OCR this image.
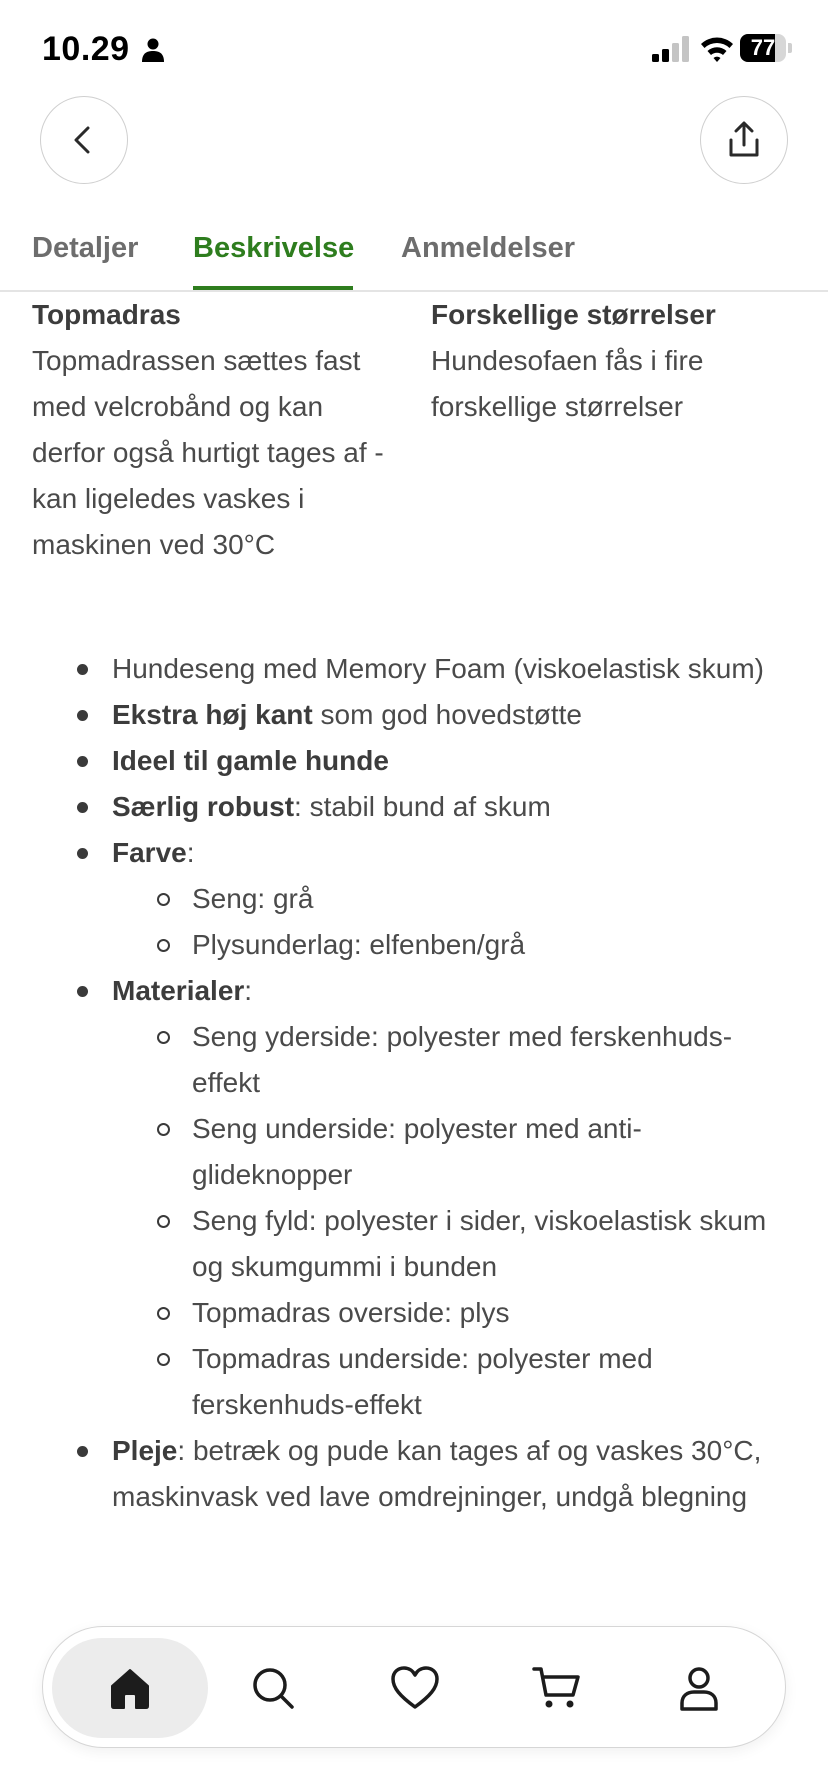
10.29	77
Detaljer Beskrivelse Anmeldelser
Topmadras
Topmadrassen sættes fast med velcrobånd og kan derfor også hurtigt tages af - kan ligeledes vaskes i maskinen ved 30°C
Forskellige størrelser
Hundesofaen fås i fire forskellige størrelser
Hundeseng med Memory Foam (viskoelastisk skum)
Ekstra høj kant som god hovedstøtte
Ideel til gamle hunde
Særlig robust: stabil bund af skum
Farve:
Seng: grå
Plysunderlag: elfenben/grå
Materialer:
Seng yderside: polyester med ferskenhuds-effekt
Seng underside: polyester med anti-glideknopper
Seng fyld: polyester i sider, viskoelastisk skum og skumgummi i bunden
Topmadras overside: plys
Topmadras underside: polyester med ferskenhuds-effekt
Pleje: betræk og pude kan tages af og vaskes 30°C, maskinvask ved lave omdrejninger, undgå blegning
